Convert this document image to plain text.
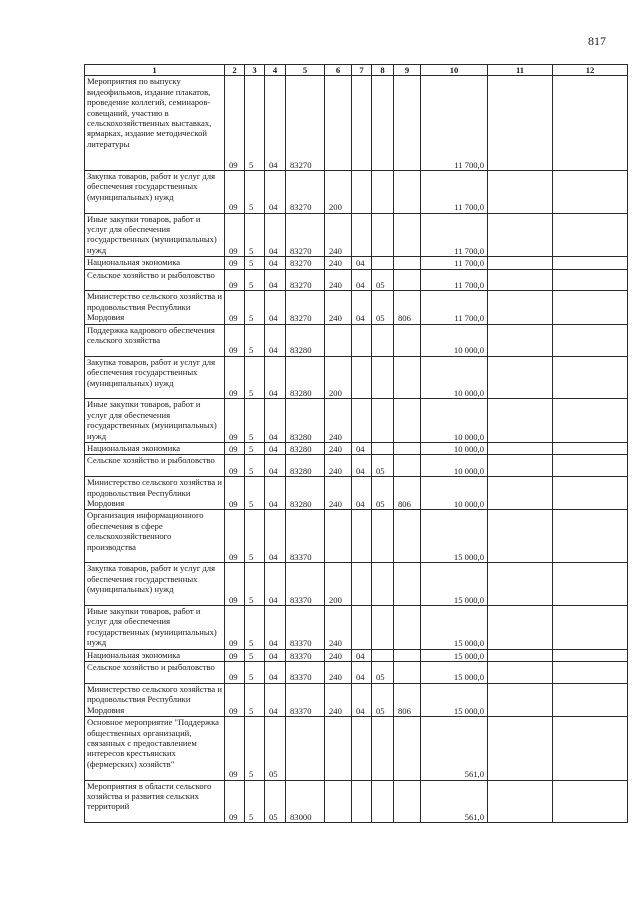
817
1	2	3	4	5	6	7	8	9	10	11	12
Мероприятия по выпуску видеофильмов, издание плакатов, проведение коллегий, семинаров-совещаний, участию в сельскохозяйственных выставках, ярмарках, издание методической литературы	09	5	04	83270					11 700,0		
Закупка товаров, работ и услуг для обеспечения государственных (муниципальных) нужд	09	5	04	83270	200				11 700,0		
Иные закупки товаров, работ и услуг для обеспечения государственных (муниципальных) нужд	09	5	04	83270	240				11 700,0		
Национальная экономика	09	5	04	83270	240	04			11 700,0		
Сельское хозяйство и рыболовство	09	5	04	83270	240	04	05		11 700,0		
Министерство сельского хозяйства и продовольствия Республики Мордовия	09	5	04	83270	240	04	05	806	11 700,0		
Поддержка кадрового обеспечения сельского хозяйства	09	5	04	83280					10 000,0		
Закупка товаров, работ и услуг для обеспечения государственных (муниципальных) нужд	09	5	04	83280	200				10 000,0		
Иные закупки товаров, работ и услуг для обеспечения государственных (муниципальных) нужд	09	5	04	83280	240				10 000,0		
Национальная экономика	09	5	04	83280	240	04			10 000,0		
Сельское хозяйство и рыболовство	09	5	04	83280	240	04	05		10 000,0		
Министерство сельского хозяйства и продовольствия Республики Мордовия	09	5	04	83280	240	04	05	806	10 000,0		
Организация информационного обеспечения в сфере сельскохозяйственного производства	09	5	04	83370					15 000,0		
Закупка товаров, работ и услуг для обеспечения государственных (муниципальных) нужд	09	5	04	83370	200				15 000,0		
Иные закупки товаров, работ и услуг для обеспечения государственных (муниципальных) нужд	09	5	04	83370	240				15 000,0		
Национальная экономика	09	5	04	83370	240	04			15 000,0		
Сельское хозяйство и рыболовство	09	5	04	83370	240	04	05		15 000,0		
Министерство сельского хозяйства и продовольствия Республики Мордовия	09	5	04	83370	240	04	05	806	15 000,0		
Основное мероприятие "Поддержка общественных организаций, связанных с предоставлением интересов крестьянских (фермерских) хозяйств"	09	5	05						561,0		
Мероприятия в области сельского хозяйства и развития сельских территорий	09	5	05	83000					561,0		
